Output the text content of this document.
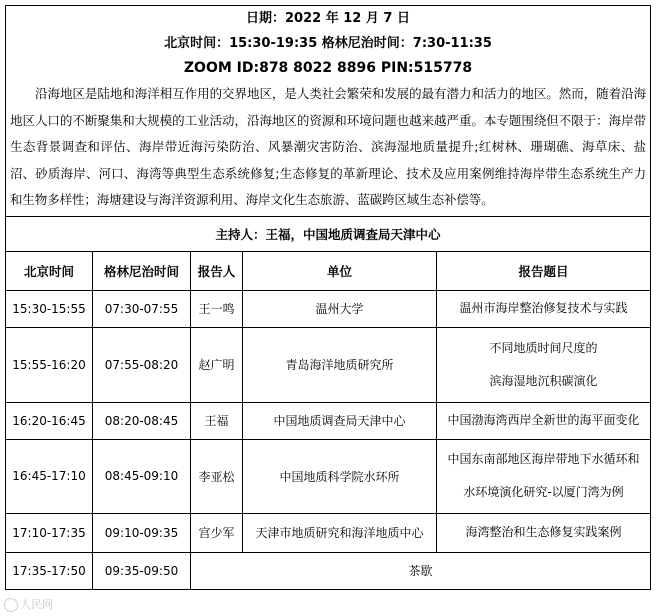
日期：2022 年 12 月 7 日
北京时间：15:30-19:35 格林尼治时间：7:30-11:35
ZOOM ID:878 8022 8896 PIN:515778
沿海地区是陆地和海洋相互作用的交界地区，是人类社会繁荣和发展的最有潜力和活力的地区。然而，随着沿海地区人口的不断聚集和大规模的工业活动，沿海地区的资源和环境问题也越来越严重。本专题围绕但不限于：海岸带生态背景调查和评估、海岸带近海污染防治、风暴潮灾害防治、滨海湿地质量提升;红树林、珊瑚礁、海草床、盐沼、砂质海岸、河口、海湾等典型生态系统修复;生态修复的革新理论、技术及应用案例维持海岸带生态系统生产力和生物多样性；海塘建设与海洋资源利用、海岸文化生态旅游、蓝碳跨区域生态补偿等。				

主持人：王福，中国地质调查局天津中心				
北京时间	格林尼治时间	报告人	单位	报告题目
15:30-15:55	07:30-07:55	王一鸣	温州大学	温州市海岸整治修复技术与实践

15:55-16:20	07:55-08:20	赵广明	青岛海洋地质研究所	不同地质时间尺度的
滨海湿地沉积碳演化

16:20-16:45	08:20-08:45	王福	中国地质调查局天津中心	中国渤海湾西岸全新世的海平面变化

16:45-17:10	08:45-09:10	李亚松	中国地质科学院水环所	中国东南部地区海岸带地下水循环和
水环境演化研究-以厦门湾为例

17:10-17:35	09:10-09:35	宫少军	天津市地质研究和海洋地质中心	海湾整治和生态修复实践案例

17:35-17:50	09:35-09:50	茶歇		
人民网
